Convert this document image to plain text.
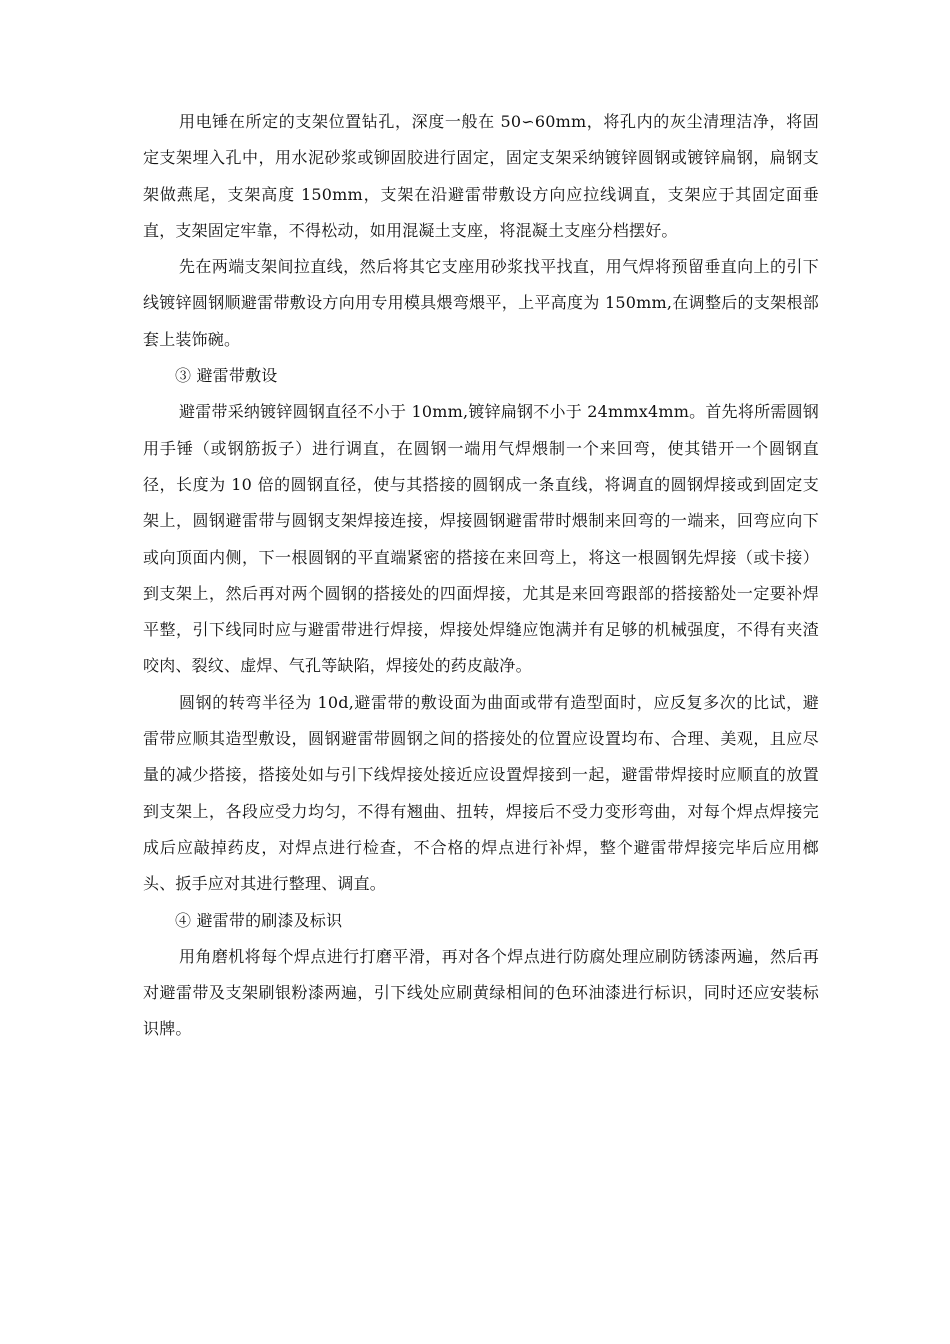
用电锤在所定的支架位置钻孔，深度一般在 50∽60mm，将孔内的灰尘清理洁净，将固定支架埋入孔中，用水泥砂浆或铆固胶进行固定，固定支架采纳镀锌圆钢或镀锌扁钢，扁钢支架做燕尾，支架高度 150mm，支架在沿避雷带敷设方向应拉线调直，支架应于其固定面垂直，支架固定牢靠，不得松动，如用混凝土支座，将混凝土支座分档摆好。

先在两端支架间拉直线，然后将其它支座用砂浆找平找直，用气焊将预留垂直向上的引下线镀锌圆钢顺避雷带敷设方向用专用模具煨弯煨平，上平高度为 150mm,在调整后的支架根部套上装饰碗。

③ 避雷带敷设

避雷带采纳镀锌圆钢直径不小于 10mm,镀锌扁钢不小于 24mmx4mm。首先将所需圆钢用手锤（或钢筋扳子）进行调直，在圆钢一端用气焊煨制一个来回弯，使其错开一个圆钢直径，长度为 10 倍的圆钢直径，使与其搭接的圆钢成一条直线，将调直的圆钢焊接或到固定支架上，圆钢避雷带与圆钢支架焊接连接，焊接圆钢避雷带时煨制来回弯的一端来，回弯应向下或向顶面内侧，下一根圆钢的平直端紧密的搭接在来回弯上，将这一根圆钢先焊接（或卡接）到支架上，然后再对两个圆钢的搭接处的四面焊接，尤其是来回弯跟部的搭接豁处一定要补焊平整，引下线同时应与避雷带进行焊接，焊接处焊缝应饱满并有足够的机械强度，不得有夹渣咬肉、裂纹、虚焊、气孔等缺陷，焊接处的药皮敲净。

圆钢的转弯半径为 10d,避雷带的敷设面为曲面或带有造型面时，应反复多次的比试，避雷带应顺其造型敷设，圆钢避雷带圆钢之间的搭接处的位置应设置均布、合理、美观，且应尽量的减少搭接，搭接处如与引下线焊接处接近应设置焊接到一起，避雷带焊接时应顺直的放置到支架上，各段应受力均匀，不得有翘曲、扭转，焊接后不受力变形弯曲，对每个焊点焊接完成后应敲掉药皮，对焊点进行检查，不合格的焊点进行补焊，整个避雷带焊接完毕后应用榔头、扳手应对其进行整理、调直。

④ 避雷带的刷漆及标识

用角磨机将每个焊点进行打磨平滑，再对各个焊点进行防腐处理应刷防锈漆两遍，然后再对避雷带及支架刷银粉漆两遍，引下线处应刷黄绿相间的色环油漆进行标识，同时还应安装标识牌。
